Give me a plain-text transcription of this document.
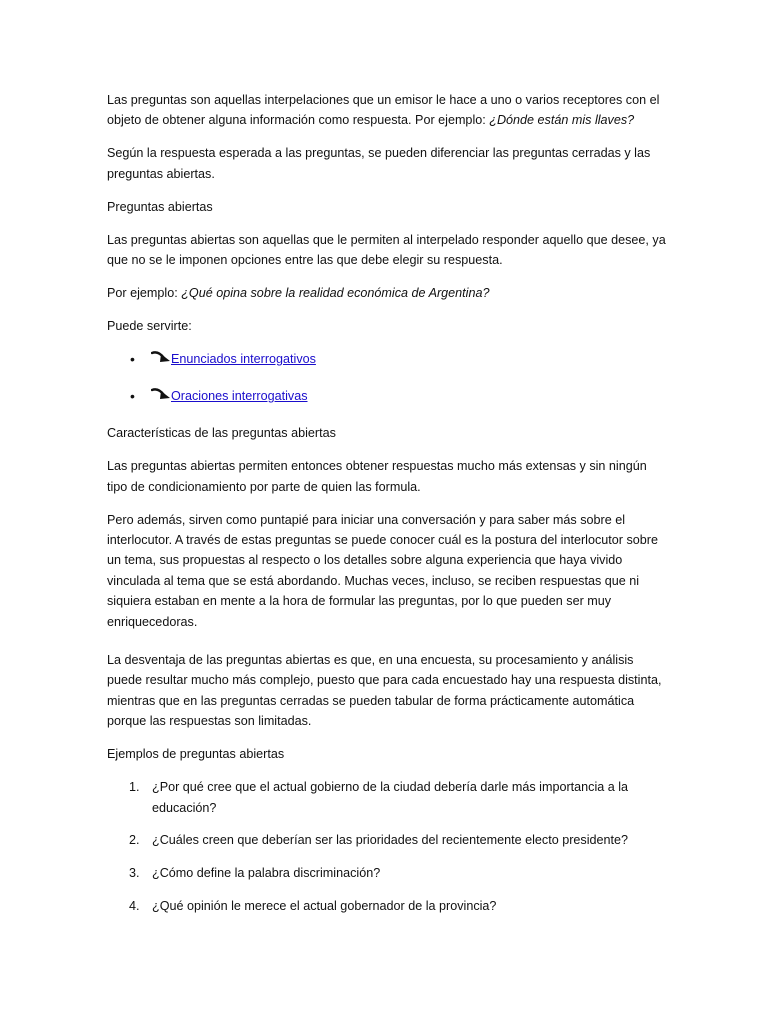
Las preguntas son aquellas interpelaciones que un emisor le hace a uno o varios receptores con el objeto de obtener alguna información como respuesta. Por ejemplo: ¿Dónde están mis llaves?

Según la respuesta esperada a las preguntas, se pueden diferenciar las preguntas cerradas y las preguntas abiertas.

Preguntas abiertas

Las preguntas abiertas son aquellas que le permiten al interpelado responder aquello que desee, ya que no se le imponen opciones entre las que debe elegir su respuesta.

Por ejemplo: ¿Qué opina sobre la realidad económica de Argentina?

Puede servirte:

•	Enunciados interrogativos
•	Oraciones interrogativas

Características de las preguntas abiertas

Las preguntas abiertas permiten entonces obtener respuestas mucho más extensas y sin ningún tipo de condicionamiento por parte de quien las formula.

Pero además, sirven como puntapié para iniciar una conversación y para saber más sobre el interlocutor. A través de estas preguntas se puede conocer cuál es la postura del interlocutor sobre un tema, sus propuestas al respecto o los detalles sobre alguna experiencia que haya vivido vinculada al tema que se está abordando. Muchas veces, incluso, se reciben respuestas que ni siquiera estaban en mente a la hora de formular las preguntas, por lo que pueden ser muy enriquecedoras.

La desventaja de las preguntas abiertas es que, en una encuesta, su procesamiento y análisis puede resultar mucho más complejo, puesto que para cada encuestado hay una respuesta distinta, mientras que en las preguntas cerradas se pueden tabular de forma prácticamente automática porque las respuestas son limitadas.

Ejemplos de preguntas abiertas

1. ¿Por qué cree que el actual gobierno de la ciudad debería darle más importancia a la educación?
2. ¿Cuáles creen que deberían ser las prioridades del recientemente electo presidente?
3. ¿Cómo define la palabra discriminación?
4. ¿Qué opinión le merece el actual gobernador de la provincia?
